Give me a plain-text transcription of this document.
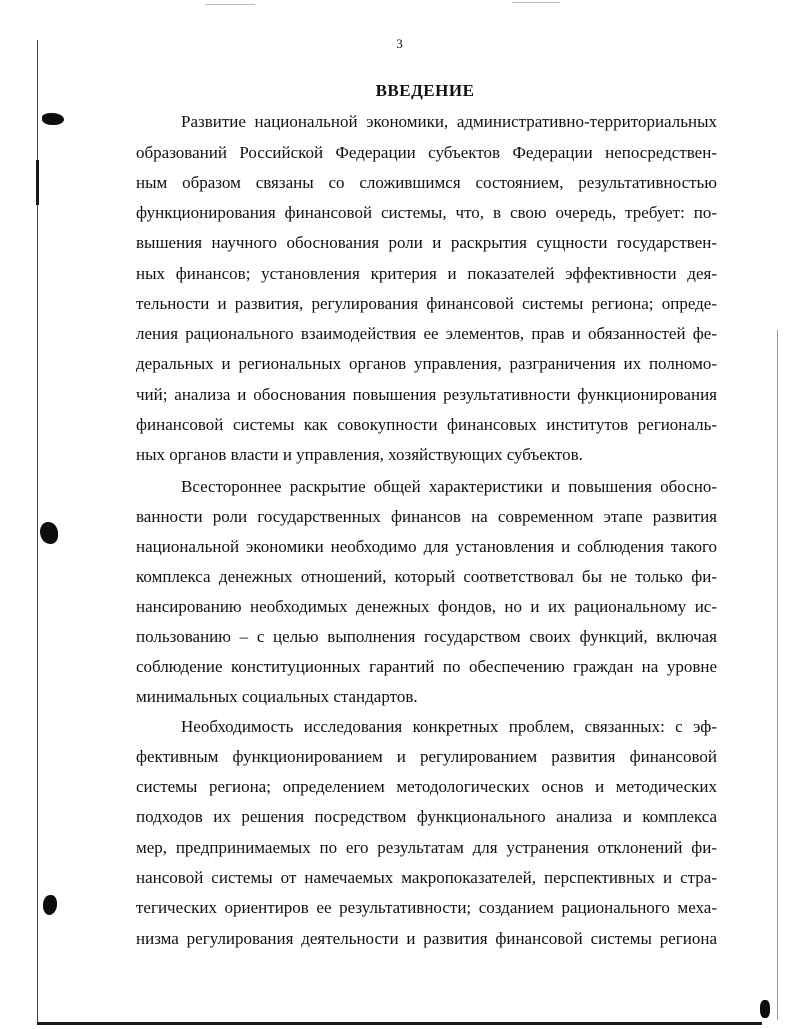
3
ВВЕДЕНИЕ
Развитие национальной экономики, административно-территориальных
образований Российской Федерации субъектов Федерации непосредствен-
ным образом связаны со сложившимся состоянием, результативностью
функционирования финансовой системы, что, в свою очередь, требует: по-
вышения научного обоснования роли и раскрытия сущности государствен-
ных финансов; установления критерия и показателей эффективности дея-
тельности и развития, регулирования финансовой системы региона; опреде-
ления рационального взаимодействия ее элементов, прав и обязанностей фе-
деральных и региональных органов управления, разграничения их полномо-
чий; анализа и обоснования повышения результативности функционирования
финансовой системы как совокупности финансовых институтов региональ-
ных органов власти и управления, хозяйствующих субъектов.
Всестороннее раскрытие общей характеристики и повышения обосно-
ванности роли государственных финансов на современном этапе развития
национальной экономики необходимо для установления и соблюдения такого
комплекса денежных отношений, который соответствовал бы не только фи-
нансированию необходимых денежных фондов, но и их рациональному ис-
пользованию – с целью выполнения государством своих функций, включая
соблюдение конституционных гарантий по обеспечению граждан на уровне
минимальных социальных стандартов.
Необходимость исследования конкретных проблем, связанных: с эф-
фективным функционированием и регулированием развития финансовой
системы региона; определением методологических основ и методических
подходов их решения посредством функционального анализа и комплекса
мер, предпринимаемых по его результатам для устранения отклонений фи-
нансовой системы от намечаемых макропоказателей, перспективных и стра-
тегических ориентиров ее результативности; созданием рационального меха-
низма регулирования деятельности и развития финансовой системы региона
